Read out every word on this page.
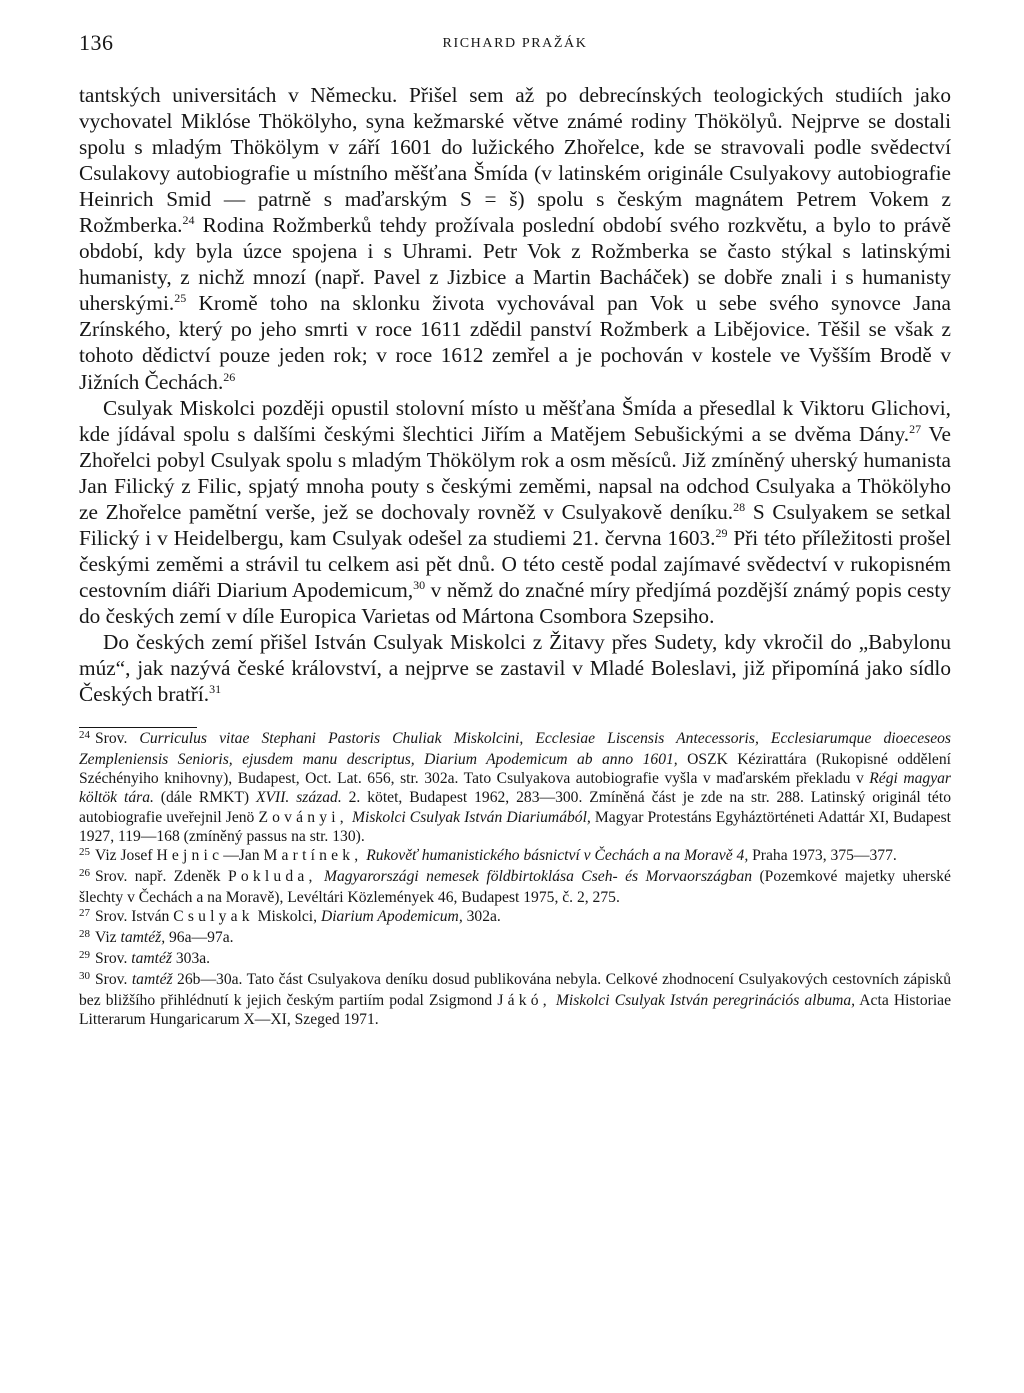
136	RICHARD PRAŽÁK

tantských universitách v Německu. Přišel sem až po debrecínských teologických studiích jako vychovatel Miklóse Thökölyho, syna kežmarské větve známé rodiny Thökölyů. Nejprve se dostali spolu s mladým Thökölym v září 1601 do lužického Zhořelce, kde se stravovali podle svědectví Csulakovy autobiografie u místního měšťana Šmída (v latinském originále Csulyakovy autobiografie Heinrich Smid — patrně s maďarským S = š) spolu s českým magnátem Petrem Vokem z Rožmberka.$^{24}$ Rodina Rožmberků tehdy prožívala poslední období svého rozkvětu, a bylo to právě období, kdy byla úzce spojena i s Uhrami. Petr Vok z Rožmberka se často stýkal s latinskými humanisty, z nichž mnozí (např. Pavel z Jizbice a Martin Bacháček) se dobře znali i s humanisty uherskými.$^{25}$ Kromě toho na sklonku života vychovával pan Vok u sebe svého synovce Jana Zrínského, který po jeho smrti v roce 1611 zdědil panství Rožmberk a Libějovice. Těšil se však z tohoto dědictví pouze jeden rok; v roce 1612 zemřel a je pochován v kostele ve Vyšším Brodě v Jižních Čechách.$^{26}$

Csulyak Miskolci později opustil stolovní místo u měšťana Šmída a přesedlal k Viktoru Glichovi, kde jídával spolu s dalšími českými šlechtici Jiřím a Matějem Sebušickými a se dvěma Dány.$^{27}$ Ve Zhořelci pobyl Csulyak spolu s mladým Thökölym rok a osm měsíců. Již zmíněný uherský humanista Jan Filický z Filic, spjatý mnoha pouty s českými zeměmi, napsal na odchod Csulyaka a Thökölyho ze Zhořelce pamětní verše, jež se dochovaly rovněž v Csulyakově deníku.$^{28}$ S Csulyakem se setkal Filický i v Heidelbergu, kam Csulyak odešel za studiemi 21. června 1603.29 Při této příležitosti prošel českými zeměmi a strávil tu celkem asi pět dnů. O této cestě podal zajímavé svědectví v rukopisném cestovním diáři Diarium Apodemicum,$^{30}$ v němž do značné míry předjímá pozdější známý popis cesty do českých zemí v díle Europica Varietas od Mártona Csombora Szepsiho.

Do českých zemí přišel István Csulyak Miskolci z Žitavy přes Sudety, kdy vkročil do „Babylonu múz“, jak nazývá české království, a nejprve se zastavil v Mladé Boleslavi, již připomíná jako sídlo Českých bratří.$^{31}$

$^{24}$ Srov. Curriculus vitae Stephani Pastoris Chuliak Miskolcini, Ecclesiae Liscensis Antecessoris, Ecclesiarumque dioeceseos Zempleniensis Senioris, ejusdem manu descriptus, Diarium Apodemicum ab anno 1601, OSZK Kézirattára (Rukopisné oddělení Széchényiho knihovny), Budapest, Oct. Lat. 656, str. 302a. Tato Csulyakova autobiografie vyšla v maďarském překladu v Régi magyar költök tára. (dále RMKT) XVII. század. 2. kötet, Budapest 1962, 283—300. Zmíněná část je zde na str. 288. Latinský originál této autobiografie uveřejnil Jenö Zoványi, Miskolci Csulyak István Diariumából, Magyar Protestáns Egyháztörténeti Adattár XI, Budapest 1927, 119—168 (zmíněný passus na str. 130).

$^{25}$ Viz Josef Hejnic—Jan Martínek, Rukověť humanistického básnictví v Čechách a na Moravě 4, Praha 1973, 375—377.

$^{26}$ Srov. např. Zdeněk Pokluda, Magyarországi nemesek földbirtoklása Cseh- és Morvaországban (Pozemkové majetky uherské šlechty v Čechách a na Moravě), Levéltári Közlemények 46, Budapest 1975, č. 2, 275.

$^{27}$ Srov. István Csulyak Miskolci, Diarium Apodemicum, 302a.

$^{28}$ Viz tamtéž, 96a—97a.

$^{29}$ Srov. tamtéž 303a.

$^{30}$ Srov. tamtéž 26b—30a. Tato část Csulyakova deníku dosud publikována nebyla. Celkové zhodnocení Csulyakových cestovních zápisků bez bližšího přihlédnutí k jejich českým partiím podal Zsigmond Jákó, Miskolci Csulyak István peregrinációs albuma, Acta Historiae Litterarum Hungaricarum X—XI, Szeged 1971.
